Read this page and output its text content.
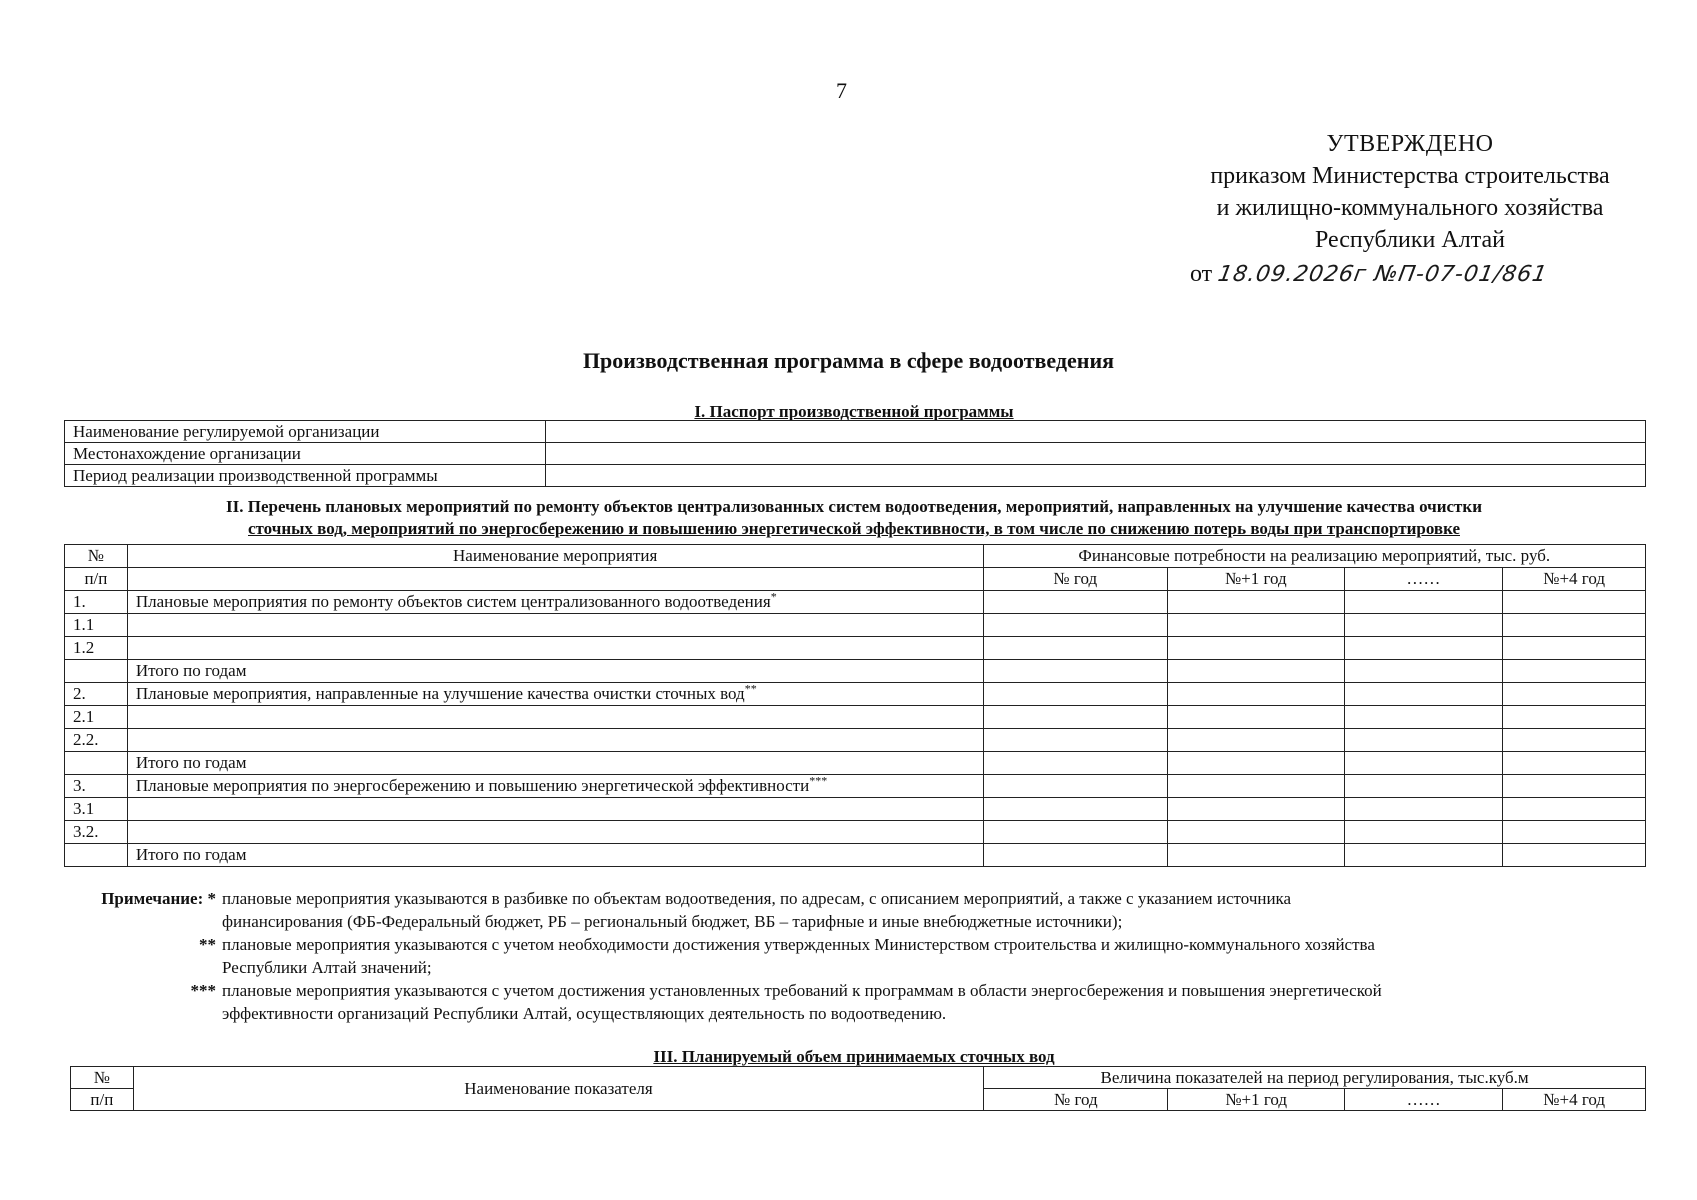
7
УТВЕРЖДЕНО
приказом Министерства строительства
и жилищно-коммунального хозяйства
Республики Алтай
от 18.09.2026г №П-07-01/861
Производственная программа в сфере водоотведения
I. Паспорт производственной программы
Наименование регулируемой организации	
Местонахождение организации	
Период реализации производственной программы	
II. Перечень плановых мероприятий по ремонту объектов централизованных систем водоотведения, мероприятий, направленных на улучшение качества очистки
сточных вод, мероприятий по энергосбережению и повышению энергетической эффективности, в том числе по снижению потерь воды при транспортировке
№	Наименование мероприятия	Финансовые потребности на реализацию мероприятий, тыс. руб.			
п/п		№ год	№+1 год	……	№+4 год
1.	Плановые мероприятия по ремонту объектов систем централизованного водоотведения*				
1.1					
1.2					
	Итого по годам				
2.	Плановые мероприятия, направленные на улучшение качества очистки сточных вод**				
2.1					
2.2.					
	Итого по годам				
3.	Плановые мероприятия по энергосбережению и повышению энергетической эффективности***				
3.1					
3.2.					
	Итого по годам				
Примечание: * плановые мероприятия указываются в разбивке по объектам водоотведения, по адресам, с описанием мероприятий, а также с указанием источника
финансирования (ФБ-Федеральный бюджет, РБ – региональный бюджет, ВБ – тарифные и иные внебюджетные источники);
** плановые мероприятия указываются с учетом необходимости достижения утвержденных Министерством строительства и жилищно-коммунального хозяйства
Республики Алтай значений;
*** плановые мероприятия указываются с учетом достижения установленных требований к программам в области энергосбережения и повышения энергетической
эффективности организаций Республики Алтай, осуществляющих деятельность по водоотведению.
III. Планируемый объем принимаемых сточных вод
№	Наименование показателя	Величина показателей на период регулирования, тыс.куб.м			
п/п		№ год	№+1 год	……	№+4 год
